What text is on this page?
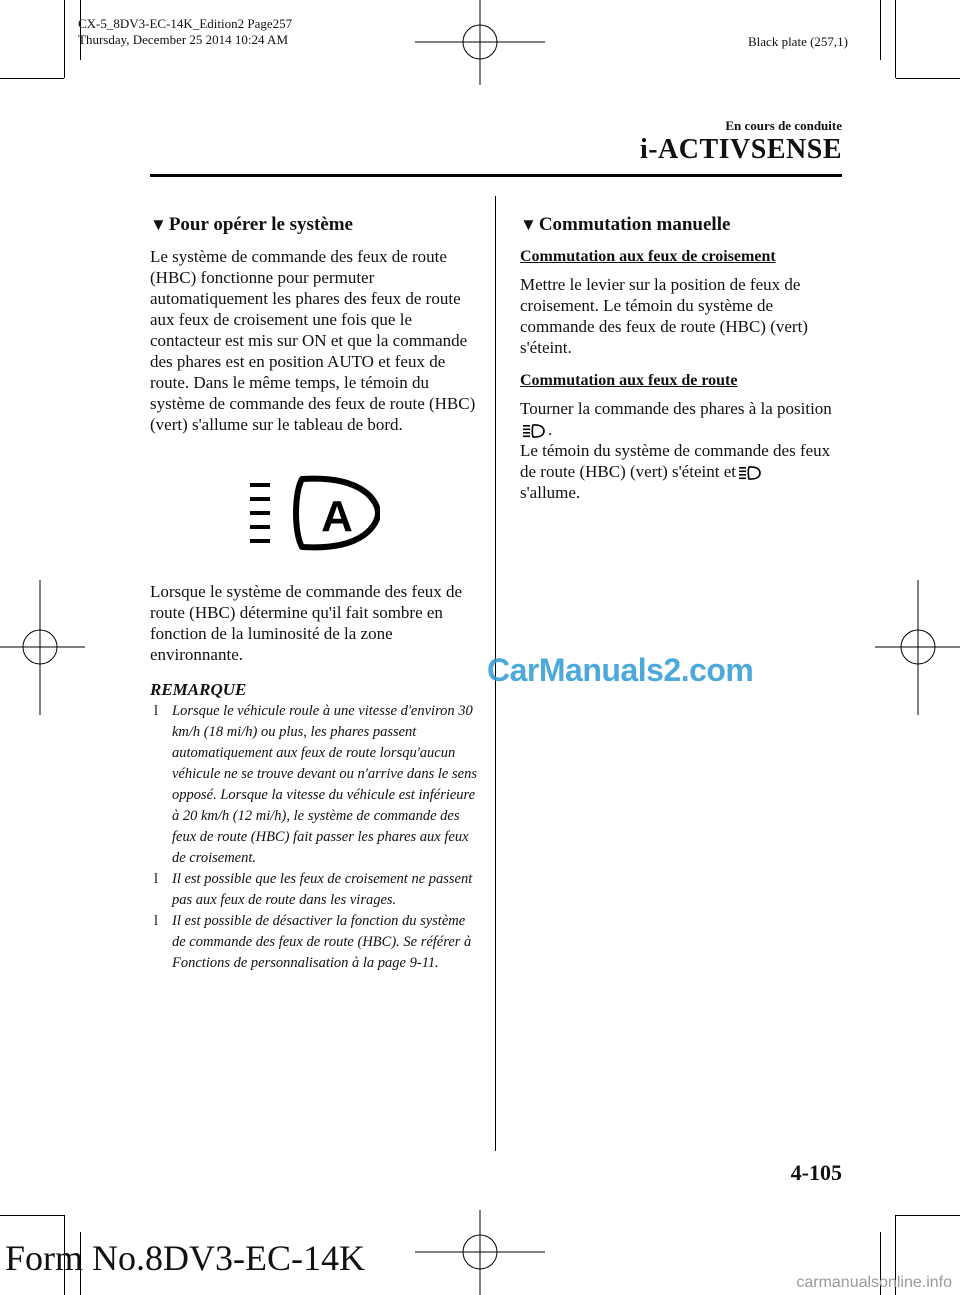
CX-5_8DV3-EC-14K_Edition2 Page257
Thursday, December 25 2014 10:24 AM	Black plate (257,1)
En cours de conduite
i-ACTIVSENSE
▼ Pour opérer le système

Le système de commande des feux de route (HBC) fonctionne pour permuter automatiquement les phares des feux de route aux feux de croisement une fois que le contacteur est mis sur ON et que la commande des phares est en position AUTO et feux de route. Dans le même temps, le témoin du système de commande des feux de route (HBC) (vert) s'allume sur le tableau de bord.

A

Lorsque le système de commande des feux de route (HBC) détermine qu'il fait sombre en fonction de la luminosité de la zone environnante.

REMARQUE
l Lorsque le véhicule roule à une vitesse d'environ 30 km/h (18 mi/h) ou plus, les phares passent automatiquement aux feux de route lorsqu'aucun véhicule ne se trouve devant ou n'arrive dans le sens opposé. Lorsque la vitesse du véhicule est inférieure à 20 km/h (12 mi/h), le système de commande des feux de route (HBC) fait passer les phares aux feux de croisement.
l Il est possible que les feux de croisement ne passent pas aux feux de route dans les virages.
l Il est possible de désactiver la fonction du système de commande des feux de route (HBC). Se référer à Fonctions de personnalisation à la page 9-11.
▼ Commutation manuelle
Commutation aux feux de croisement

Mettre le levier sur la position de feux de croisement. Le témoin du système de commande des feux de route (HBC) (vert) s'éteint.

Commutation aux feux de route

Tourner la commande des phares à la position.
Le témoin du système de commande des feux de route (HBC) (vert) s'éteint et
s'allume.

CarManuals2.com
4-105
Form No.8DV3-EC-14K
carmanualsonline.info
